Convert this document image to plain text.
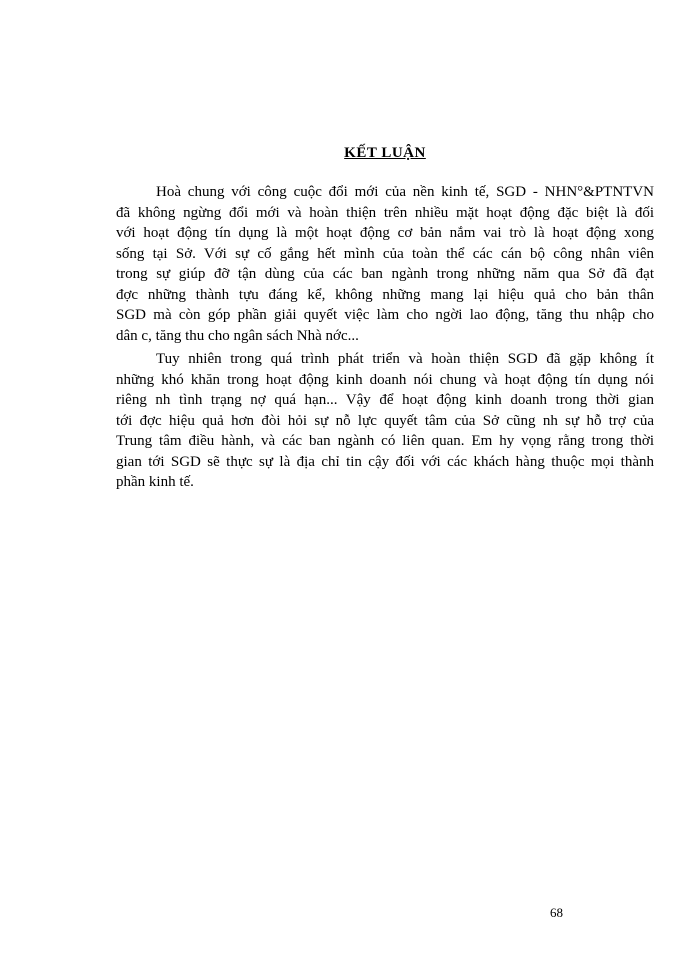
KẾT LUẬN
Hoà chung với công cuộc đổi mới của nền kinh tế, SGD - NHN°&PTNTVN
đã không ngừng đổi mới và hoàn thiện trên nhiều mặt hoạt động đặc biệt là đối
với hoạt động tín dụng là một hoạt động cơ bản nắm vai trò là hoạt động xong
sống tại Sở. Với sự cố gắng hết mình của toàn thể các cán bộ công nhân viên
trong sự giúp đỡ tận dùng của các ban ngành trong những năm qua Sở đã đạt
đợc những thành tựu đáng kể, không những mang lại hiệu quả cho bản thân
SGD mà còn góp phần giải quyết việc làm cho ngời lao động, tăng thu nhập cho
dân c, tăng thu cho ngân sách Nhà nớc...
Tuy nhiên trong quá trình phát triển và hoàn thiện SGD đã gặp không ít
những khó khăn trong hoạt động kinh doanh nói chung và hoạt động tín dụng nói
riêng nh tình trạng nợ quá hạn... Vậy để hoạt động kinh doanh trong thời gian
tới đợc hiệu quả hơn đòi hỏi sự nỗ lực quyết tâm của Sở cũng nh sự hỗ trợ của
Trung tâm điều hành, và các ban ngành có liên quan. Em hy vọng rằng trong thời
gian tới SGD sẽ thực sự là địa chỉ tin cậy đối với các khách hàng thuộc mọi thành
phần kinh tế.
68
